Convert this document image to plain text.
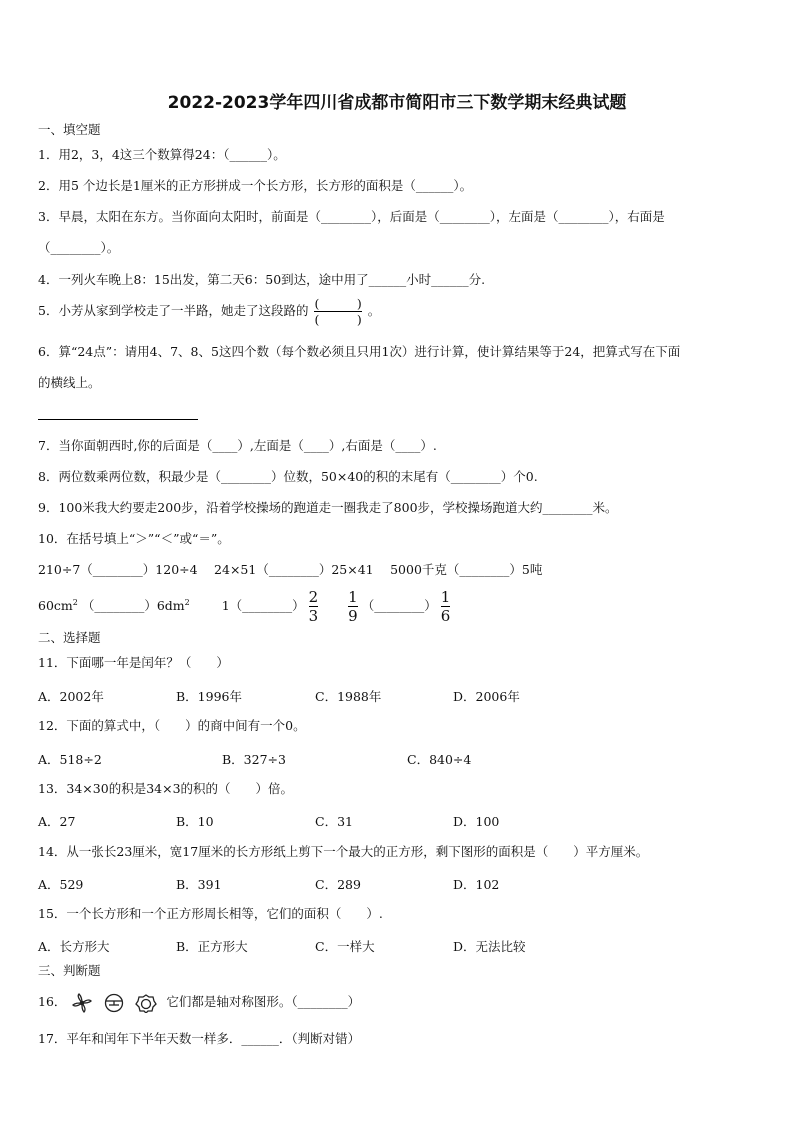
2022-2023学年四川省成都市简阳市三下数学期末经典试题
一、填空题
1．用2，3，4这三个数算得24：（______）。
2．用5 个边长是1厘米的正方形拼成一个长方形，长方形的面积是（______）。
3．早晨，太阳在东方。当你面向太阳时，前面是（________），后面是（________），左面是（________），右面是
（________）。
4．一列火车晚上8：15出发，第二天6：50到达，途中用了______小时______分.
5．小芳从家到学校走了一半路，她走了这段路的 $\frac{( )}{( )}$ 。
6．算“24点”：请用4、7、8、5这四个数（每个数必须且只用1次）进行计算，使计算结果等于24，把算式写在下面
的横线上。
7．当你面朝西时,你的后面是（____）,左面是（____）,右面是（____）.
8．两位数乘两位数，积最少是（________）位数，50×40的积的末尾有（________）个0.
9．100米我大约要走200步，沿着学校操场的跑道走一圈我走了800步，学校操场跑道大约________米。
10．在括号填上“＞”“＜”或“＝”。
210÷7（________）120÷4　 24×51（________）25×41　 5000千克（________）5吨
$60cm^2$ $(\_\_\_\_\_\_\_\_)6dm^2$	1（________） $\frac{2}{3}$
$\frac{1}{9}$ （________） $\frac{1}{6}$
二、选择题
11．下面哪一年是闰年？（　　）
A．2002年	B．1996年	C．1988年	D．2006年
12．下面的算式中，（　　）的商中间有一个0。
A．518÷2	B．327÷3	C．840÷4
13．34×30的积是34×3的积的（　　）倍。
A．27	B．10	C．31	D．100
14．从一张长23厘米，宽17厘米的长方形纸上剪下一个最大的正方形，剩下图形的面积是（　　）平方厘米。
A．529	B．391	C．289	D．102
15．一个长方形和一个正方形周长相等，它们的面积（　　）.
A．长方形大	B．正方形大	C．一样大	D．无法比较
三、判断题
16．	它们都是轴对称图形。（________）
17．平年和闰年下半年天数一样多．______．（判断对错）
